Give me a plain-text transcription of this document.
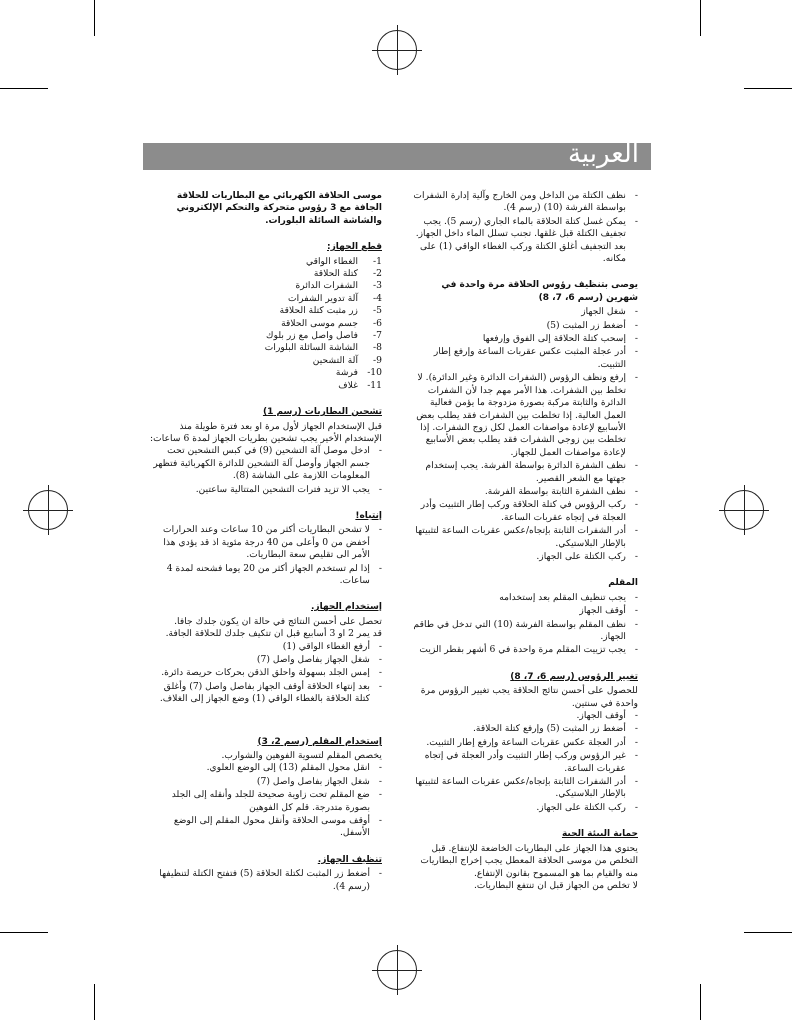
العربية
- نظف الكتلة من الداخل ومن الخارج وآلية إدارة الشفرات بواسطة الفرشة (10) (رسم 4).
- يمكن غسل كتلة الحلاقة بالماء الجاري (رسم 5). يجب تجفيف الكتلة قبل غلقها. تجنب تسلل الماء داخل الجهاز. بعد التجفيف أغلق الكتلة وركب الغطاء الواقي (1) على مكانه.
يوصى بتنظيف رؤوس الحلاقة مرة واحدة في شهرين (رسم 6، 7، 8)
- شغل الجهاز
- أضغط زر المثبت (5)
- إسحب كتلة الحلاقة إلى الفوق وإرفعها
- أدر عجلة المثبت عكس عقربات الساعة وإرفع إطار التثبيت.
- إرفع ونظف الرؤوس (الشفرات الدائرة وغير الدائرة). لا تخلط بين الشفرات. هذا الأمر مهم جدا لأن الشفرات الدائرة والثابتة مركبة بصورة مزدوجة ما يؤمن فعالية العمل العالية. إذا تخلطت بين الشفرات فقد يطلب بعض الأسابيع لإعادة مواصفات العمل لكل زوج الشفرات. إذا تخلطت بين زوجي الشفرات فقد يطلب بعض الأسابيع لإعادة مواصفات العمل للجهاز.
- نظف الشفرة الدائرة بواسطة الفرشة. يجب إستخدام جهتها مع الشعر القصير.
- نظف الشفرة الثابتة بواسطة الفرشة.
- ركب الرؤوس في كتلة الحلاقة وركب إطار التثبيت وأدر العجلة في إتجاه عقربات الساعة.
- أدر الشفرات الثابتة بإتجاه/عكس عقربات الساعة لتثبيتها بالإطار البلاستيكي.
- ركب الكتلة على الجهاز.
المقلم
- يجب تنظيف المقلم بعد إستخدامه
- أوقف الجهاز
- نظف المقلم بواسطة الفرشة (10) التي تدخل في طاقم الجهاز.
- يجب تزييت المقلم مرة واحدة في 6 أشهر بقطر الزيت
تغيير الرؤوس (رسم 6، 7، 8)

للحصول على أحسن نتائج الحلاقة يجب تغيير الرؤوس مرة واحدة في سنتين.

- أوقف الجهاز.
- أضغط زر المثبت (5) وإرفع كتلة الحلاقة.
- أدر العجلة عكس عقربات الساعة وإرفع إطار التثبيت.
- غير الرؤوس وركب إطار التثبيت وأدر العجلة في إتجاه عقربات الساعة.
- أدر الشفرات الثابتة بإتجاه/عكس عقربات الساعة لتثبيتها بالإطار البلاستيكي.
- ركب الكتلة على الجهاز.
حماية البيئة الحية

يحتوي هذا الجهاز على البطاريات الخاضعة للإنتفاع. قبل التخلص من موسى الحلاقة المعطل يجب إخراج البطاريات منه والقيام بما هو المسموح بقانون الإنتفاع.

لا تخلص من الجهاز قبل ان تنتفع البطاريات.

موسى الحلاقة الكهربائي مع البطاريات للحلاقة الجافة مع 3 رؤوس متحركة والتحكم الإلكتروني والشاشة السائلة البلورات.
قطع الجهاز:
-1
الغطاء الواقي
-2
كتلة الحلاقة
-3
الشفرات الدائرة
-4
آلة تدوير الشفرات
-5
زر مثبت كتلة الحلاقة
-6
جسم موسى الحلاقة
-7
فاصل واصل مع زر بلوك
-8
الشاشة السائلة البلورات
-9
آلة التشحين
-10
فرشة
-11
غلاف
تشحين البطاريات (رسم 1)

قبل الإستخدام الجهاز لأول مرة او بعد فترة طويلة منذ الإستخدام الأخير يجب تشحين بطريات الجهاز لمدة 6 ساعات:

- ادخل موصل آلة التشحين (9) في كبس التشحين تحت جسم الجهاز وأوصل آلة التشحين للدائرة الكهربائية فتظهر المعلومات اللازمة على الشاشة (8).
- يجب الا تزيد فترات التشحين المتتالية ساعتين.
إنتباه!
- لا تشحن البطاريات أكثر من 10 ساعات وعند الحرارات أخفض من 0 وأعلى من 40 درجة مئوية اذ قد يؤدي هذا الأمر الى تقليص سعة البطاريات.
- إذا لم تستخدم الجهاز أكثر من 20 يوما فشحنه لمدة 4 ساعات.
إستخدام الجهاز.

تحصل على أحسن النتائج في حالة ان يكون جلدك جافا.

قد يمر 2 او 3 أسابيع قبل ان تتكيف جلدك للحلاقة الجافة.

- أرفع الغطاء الواقي (1)
- شغل الجهاز بفاصل واصل (7)
- إمس الجلد بسهولة واحلق الذقن بحركات حريصة دائرة.
- بعد إنتهاء الحلاقة أوقف الجهاز بفاصل واصل (7) وأغلق كتلة الحلاقة بالغطاء الواقي (1) وضع الجهاز إلى الغلاف.
إستخدام المقلم (رسم 2، 3)

يخصص المقلم لتسوية الفوهين والشوارب.

- انقل محول المقلم (13) إلى الوضع العلوي.
- شغل الجهاز بفاصل واصل (7)
- ضع المقلم تحت زاوية صحيحة للجلد وأنقله إلى الجلد بصورة متدرجة. قلم كل الفوهين
- أوقف موسى الحلاقة وأنقل محول المقلم إلى الوضع الأسفل.
تنظيف الجهاز.
- أضغط زر المثبت لكتلة الحلاقة (5) فتفتح الكتلة لتنظيفها (رسم 4).
